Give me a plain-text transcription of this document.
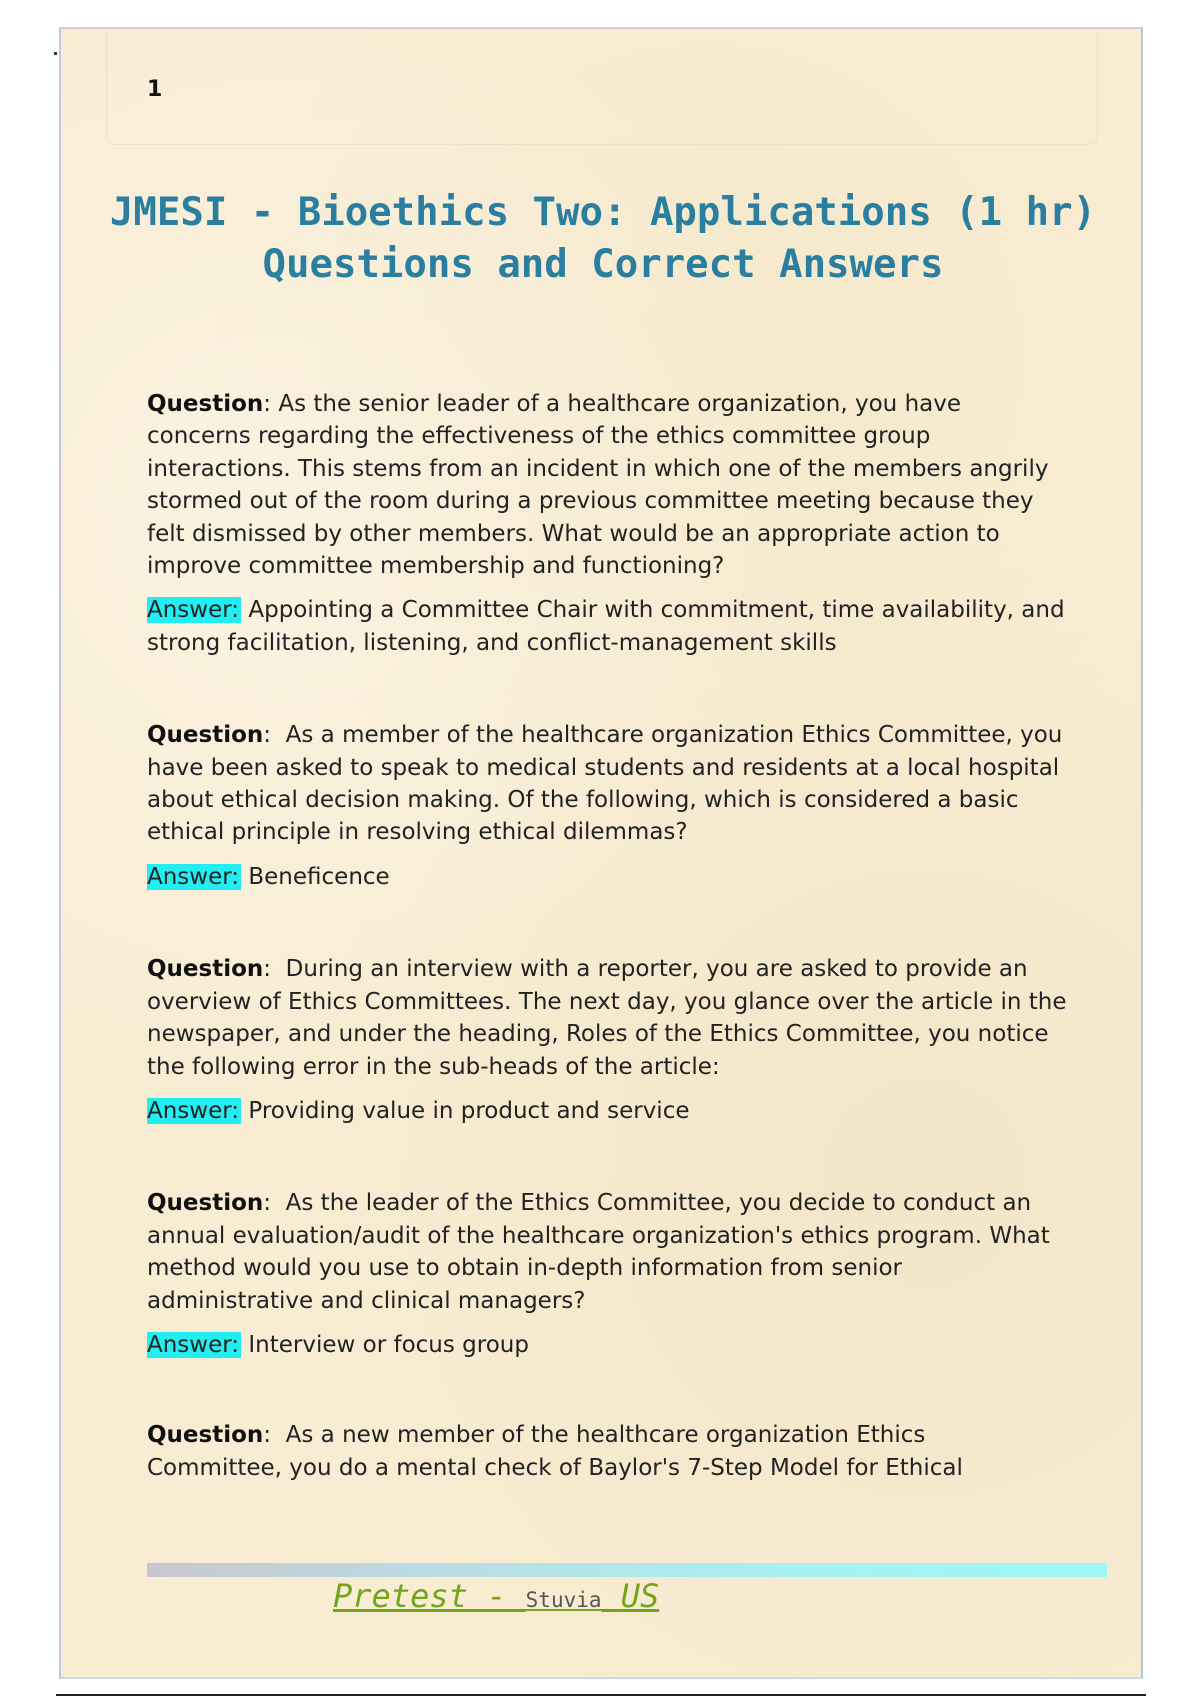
1
JMESI - Bioethics Two: Applications (1 hr) Questions and Correct Answers

Question: As the senior leader of a healthcare organization, you have concerns regarding the effectiveness of the ethics committee group interactions. This stems from an incident in which one of the members angrily stormed out of the room during a previous committee meeting because they felt dismissed by other members. What would be an appropriate action to improve committee membership and functioning?

Answer: Appointing a Committee Chair with commitment, time availability, and strong facilitation, listening, and conflict-management skills

Question:  As a member of the healthcare organization Ethics Committee, you have been asked to speak to medical students and residents at a local hospital about ethical decision making. Of the following, which is considered a basic ethical principle in resolving ethical dilemmas?

Answer: Beneficence

Question:  During an interview with a reporter, you are asked to provide an overview of Ethics Committees. The next day, you glance over the article in the newspaper, and under the heading, Roles of the Ethics Committee, you notice the following error in the sub-heads of the article:

Answer: Providing value in product and service

Question:  As the leader of the Ethics Committee, you decide to conduct an annual evaluation/audit of the healthcare organization's ethics program. What method would you use to obtain in-depth information from senior administrative and clinical managers?

Answer: Interview or focus group

Question:  As a new member of the healthcare organization Ethics Committee, you do a mental check of Baylor's 7-Step Model for Ethical

Pretest - Stuvia US
